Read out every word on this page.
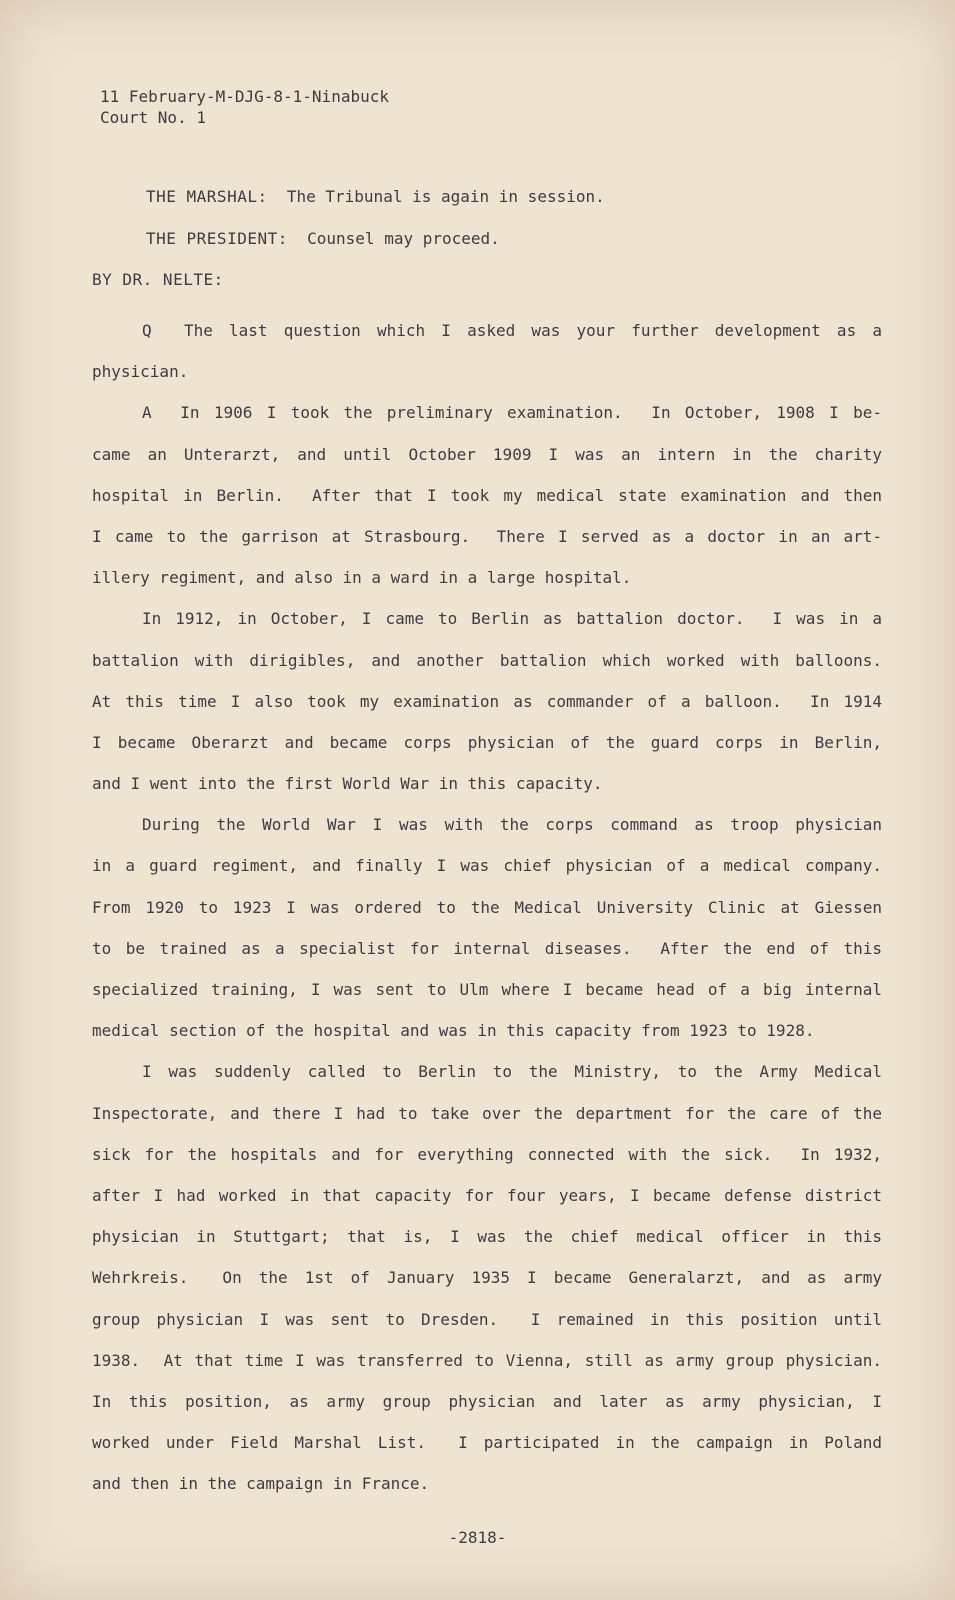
11 February-M-DJG-8-1-Ninabuck
Court No. 1
THE MARSHAL: The Tribunal is again in session.
THE PRESIDENT: Counsel may proceed.
BY DR. NELTE:
Q  The last question which I asked was your further development as a
physician.
A  In 1906 I took the preliminary examination.  In October, 1908 I be-
came an Unterarzt, and until October 1909 I was an intern in the charity
hospital in Berlin.  After that I took my medical state examination and then
I came to the garrison at Strasbourg.  There I served as a doctor in an art-
illery regiment, and also in a ward in a large hospital.
In 1912, in October, I came to Berlin as battalion doctor.  I was in a
battalion with dirigibles, and another battalion which worked with balloons.
At this time I also took my examination as commander of a balloon.  In 1914
I became Oberarzt and became corps physician of the guard corps in Berlin,
and I went into the first World War in this capacity.
During the World War I was with the corps command as troop physician
in a guard regiment, and finally I was chief physician of a medical company.
From 1920 to 1923 I was ordered to the Medical University Clinic at Giessen
to be trained as a specialist for internal diseases.  After the end of this
specialized training, I was sent to Ulm where I became head of a big internal
medical section of the hospital and was in this capacity from 1923 to 1928.
I was suddenly called to Berlin to the Ministry, to the Army Medical
Inspectorate, and there I had to take over the department for the care of the
sick for the hospitals and for everything connected with the sick.  In 1932,
after I had worked in that capacity for four years, I became defense district
physician in Stuttgart; that is, I was the chief medical officer in this
Wehrkreis.  On the 1st of January 1935 I became Generalarzt, and as army
group physician I was sent to Dresden.  I remained in this position until
1938.  At that time I was transferred to Vienna, still as army group physician.
In this position, as army group physician and later as army physician, I
worked under Field Marshal List.  I participated in the campaign in Poland
and then in the campaign in France.
-2818-
